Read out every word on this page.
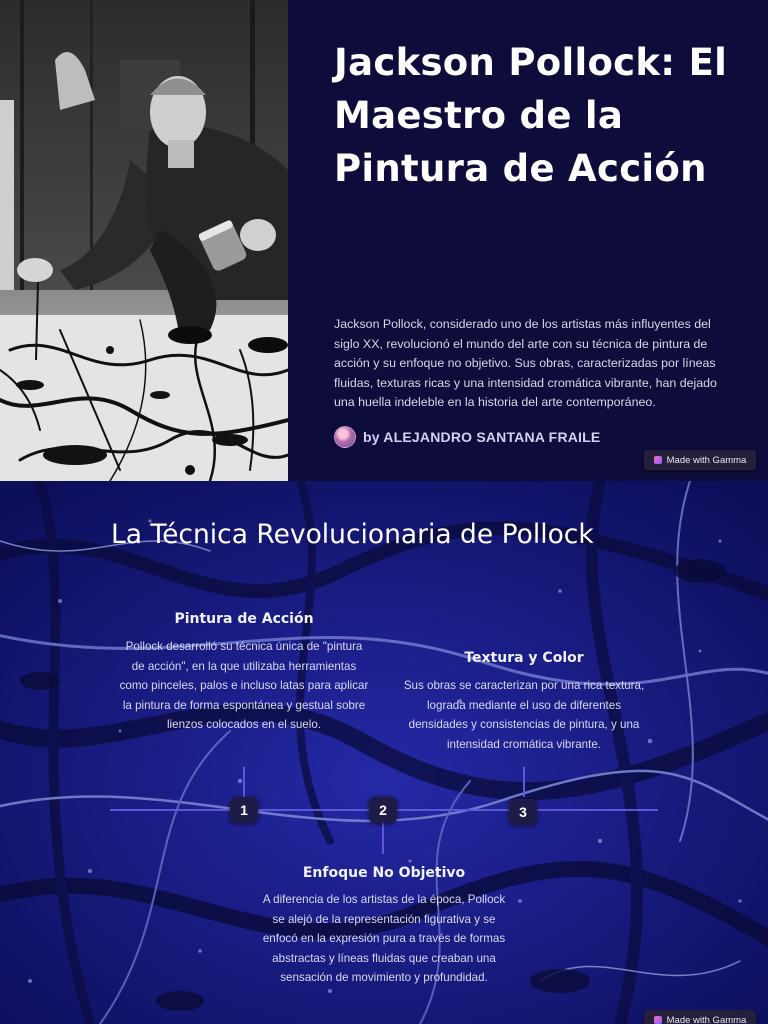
Jackson Pollock: El Maestro de la Pintura de Acción

Jackson Pollock, considerado uno de los artistas más influyentes del siglo XX, revolucionó el mundo del arte con su técnica de pintura de acción y su enfoque no objetivo. Sus obras, caracterizadas por líneas fluidas, texturas ricas y una intensidad cromática vibrante, han dejado una huella indeleble en la historia del arte contemporáneo.

by ALEJANDRO SANTANA FRAILE
Made with Gamma
La Técnica Revolucionaria de Pollock
Pintura de Acción

Pollock desarrolló su técnica única de "pintura de acción", en la que utilizaba herramientas como pinceles, palos e incluso latas para aplicar la pintura de forma espontánea y gestual sobre lienzos colocados en el suelo.

Textura y Color

Sus obras se caracterizan por una rica textura, lograda mediante el uso de diferentes densidades y consistencias de pintura, y una intensidad cromática vibrante.

1	2	3
Enfoque No Objetivo

A diferencia de los artistas de la época, Pollock se alejó de la representación figurativa y se enfocó en la expresión pura a través de formas abstractas y líneas fluidas que creaban una sensación de movimiento y profundidad.

Made with Gamma
